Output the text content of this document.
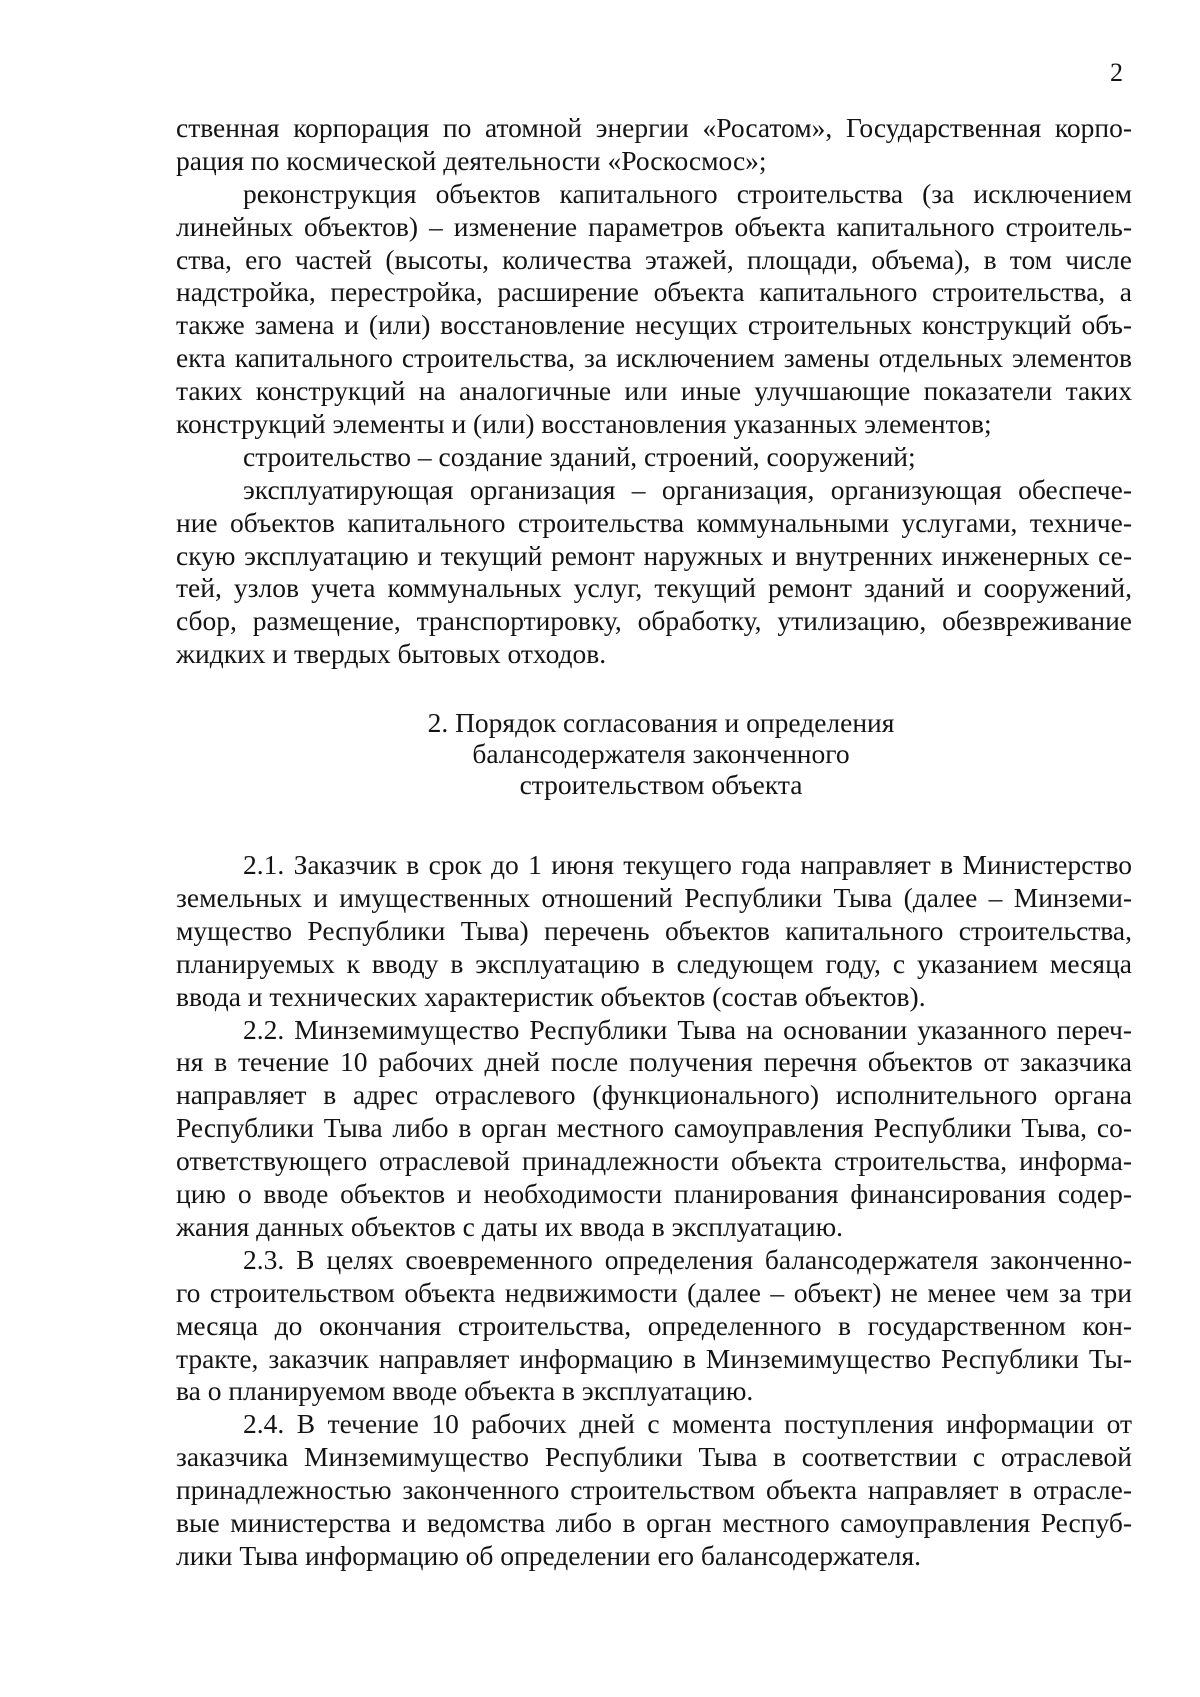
2
ственная корпорация по атомной энергии «Росатом», Государственная корпо-
рация по космической деятельности «Роскосмос»;
реконструкция объектов капитального строительства (за исключением
линейных объектов) – изменение параметров объекта капитального строитель-
ства, его частей (высоты, количества этажей, площади, объема), в том числе
надстройка, перестройка, расширение объекта капитального строительства, а
также замена и (или) восстановление несущих строительных конструкций объ-
екта капитального строительства, за исключением замены отдельных элементов
таких конструкций на аналогичные или иные улучшающие показатели таких
конструкций элементы и (или) восстановления указанных элементов;
строительство – создание зданий, строений, сооружений;
эксплуатирующая организация – организация, организующая обеспече-
ние объектов капитального строительства коммунальными услугами, техниче-
скую эксплуатацию и текущий ремонт наружных и внутренних инженерных се-
тей, узлов учета коммунальных услуг, текущий ремонт зданий и сооружений,
сбор, размещение, транспортировку, обработку, утилизацию, обезвреживание
жидких и твердых бытовых отходов.
2. Порядок согласования и определения
балансодержателя законченного
строительством объекта
2.1. Заказчик в срок до 1 июня текущего года направляет в Министерство
земельных и имущественных отношений Республики Тыва (далее – Минземи-
мущество Республики Тыва) перечень объектов капитального строительства,
планируемых к вводу в эксплуатацию в следующем году, с указанием месяца
ввода и технических характеристик объектов (состав объектов).
2.2. Минземимущество Республики Тыва на основании указанного переч-
ня в течение 10 рабочих дней после получения перечня объектов от заказчика
направляет в адрес отраслевого (функционального) исполнительного органа
Республики Тыва либо в орган местного самоуправления Республики Тыва, со-
ответствующего отраслевой принадлежности объекта строительства, информа-
цию о вводе объектов и необходимости планирования финансирования содер-
жания данных объектов с даты их ввода в эксплуатацию.
2.3. В целях своевременного определения балансодержателя законченно-
го строительством объекта недвижимости (далее – объект) не менее чем за три
месяца до окончания строительства, определенного в государственном кон-
тракте, заказчик направляет информацию в Минземимущество Республики Ты-
ва о планируемом вводе объекта в эксплуатацию.
2.4. В течение 10 рабочих дней с момента поступления информации от
заказчика Минземимущество Республики Тыва в соответствии с отраслевой
принадлежностью законченного строительством объекта направляет в отрасле-
вые министерства и ведомства либо в орган местного самоуправления Респуб-
лики Тыва информацию об определении его балансодержателя.
